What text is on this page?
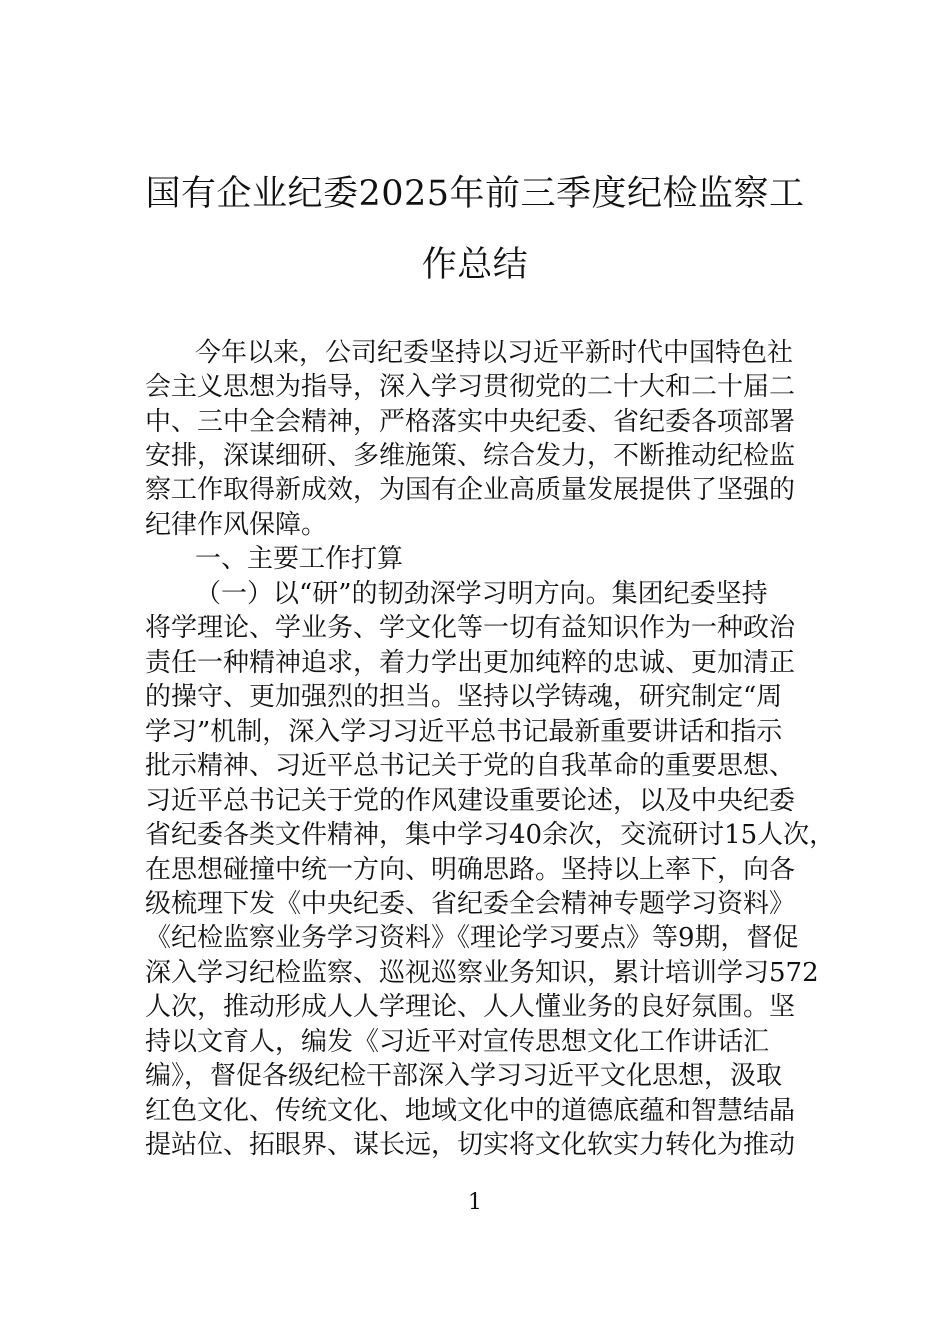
国有企业纪委2025年前三季度纪检监察工
作总结
今年以来，公司纪委坚持以习近平新时代中国特色社
会主义思想为指导，深入学习贯彻党的二十大和二十届二
中、三中全会精神，严格落实中央纪委、省纪委各项部署
安排，深谋细研、多维施策、综合发力，不断推动纪检监
察工作取得新成效，为国有企业高质量发展提供了坚强的
纪律作风保障。
一、主要工作打算
（一）以“研”的韧劲深学习明方向。集团纪委坚持
将学理论、学业务、学文化等一切有益知识作为一种政治
责任一种精神追求，着力学出更加纯粹的忠诚、更加清正
的操守、更加强烈的担当。坚持以学铸魂，研究制定“周
学习”机制，深入学习习近平总书记最新重要讲话和指示
批示精神、习近平总书记关于党的自我革命的重要思想、
习近平总书记关于党的作风建设重要论述，以及中央纪委
省纪委各类文件精神，集中学习40余次，交流研讨15人次，
在思想碰撞中统一方向、明确思路。坚持以上率下，向各
级梳理下发《中央纪委、省纪委全会精神专题学习资料》
《纪检监察业务学习资料》《理论学习要点》等9期，督促
深入学习纪检监察、巡视巡察业务知识，累计培训学习572
人次，推动形成人人学理论、人人懂业务的良好氛围。坚
持以文育人，编发《习近平对宣传思想文化工作讲话汇
编》，督促各级纪检干部深入学习习近平文化思想，汲取
红色文化、传统文化、地域文化中的道德底蕴和智慧结晶
提站位、拓眼界、谋长远，切实将文化软实力转化为推动
1
